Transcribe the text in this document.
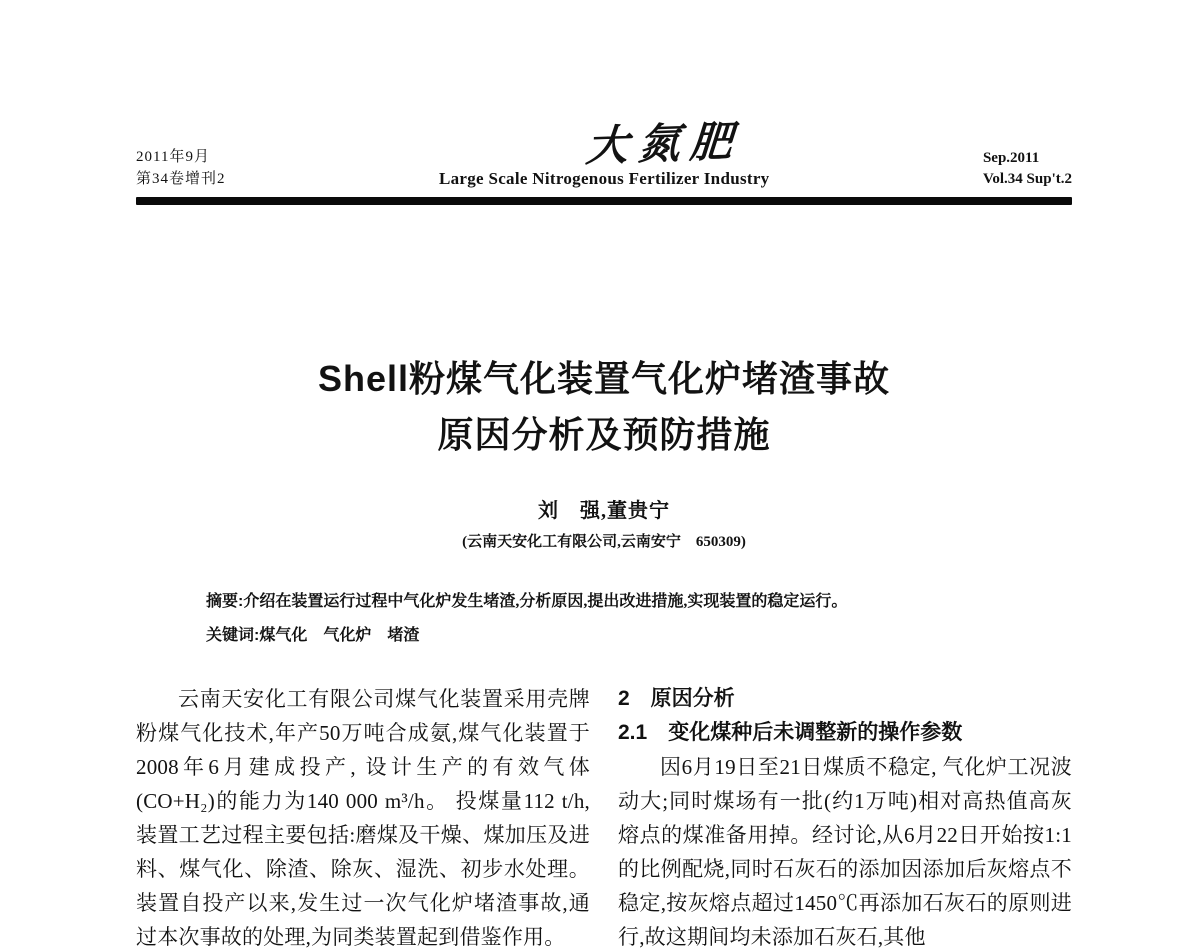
2011年9月
第34卷增刊2
大氮肥
Large Scale Nitrogenous Fertilizer Industry
Sep.2011
Vol.34 Sup't.2
Shell粉煤气化装置气化炉堵渣事故
原因分析及预防措施
刘　强,董贵宁
(云南天安化工有限公司,云南安宁　650309)
摘要:介绍在装置运行过程中气化炉发生堵渣,分析原因,提出改进措施,实现装置的稳定运行。
关键词:煤气化　气化炉　堵渣

云南天安化工有限公司煤气化装置采用壳牌粉煤气化技术,年产50万吨合成氨,煤气化装置于2008年6月建成投产, 设计生产的有效气体(CO+H₂)的能力为140 000 m³/h。 投煤量112 t/h,装置工艺过程主要包括:磨煤及干燥、煤加压及进料、煤气化、除渣、除灰、湿洗、初步水处理。装置自投产以来,发生过一次气化炉堵渣事故,通过本次事故的处理,为同类装置起到借鉴作用。

2　原因分析
2.1　变化煤种后未调整新的操作参数

因6月19日至21日煤质不稳定, 气化炉工况波动大;同时煤场有一批(约1万吨)相对高热值高灰熔点的煤准备用掉。经讨论,从6月22日开始按1:1的比例配烧,同时石灰石的添加因添加后灰熔点不稳定,按灰熔点超过1450℃再添加石灰石的原则进行,故这期间均未添加石灰石,其他
